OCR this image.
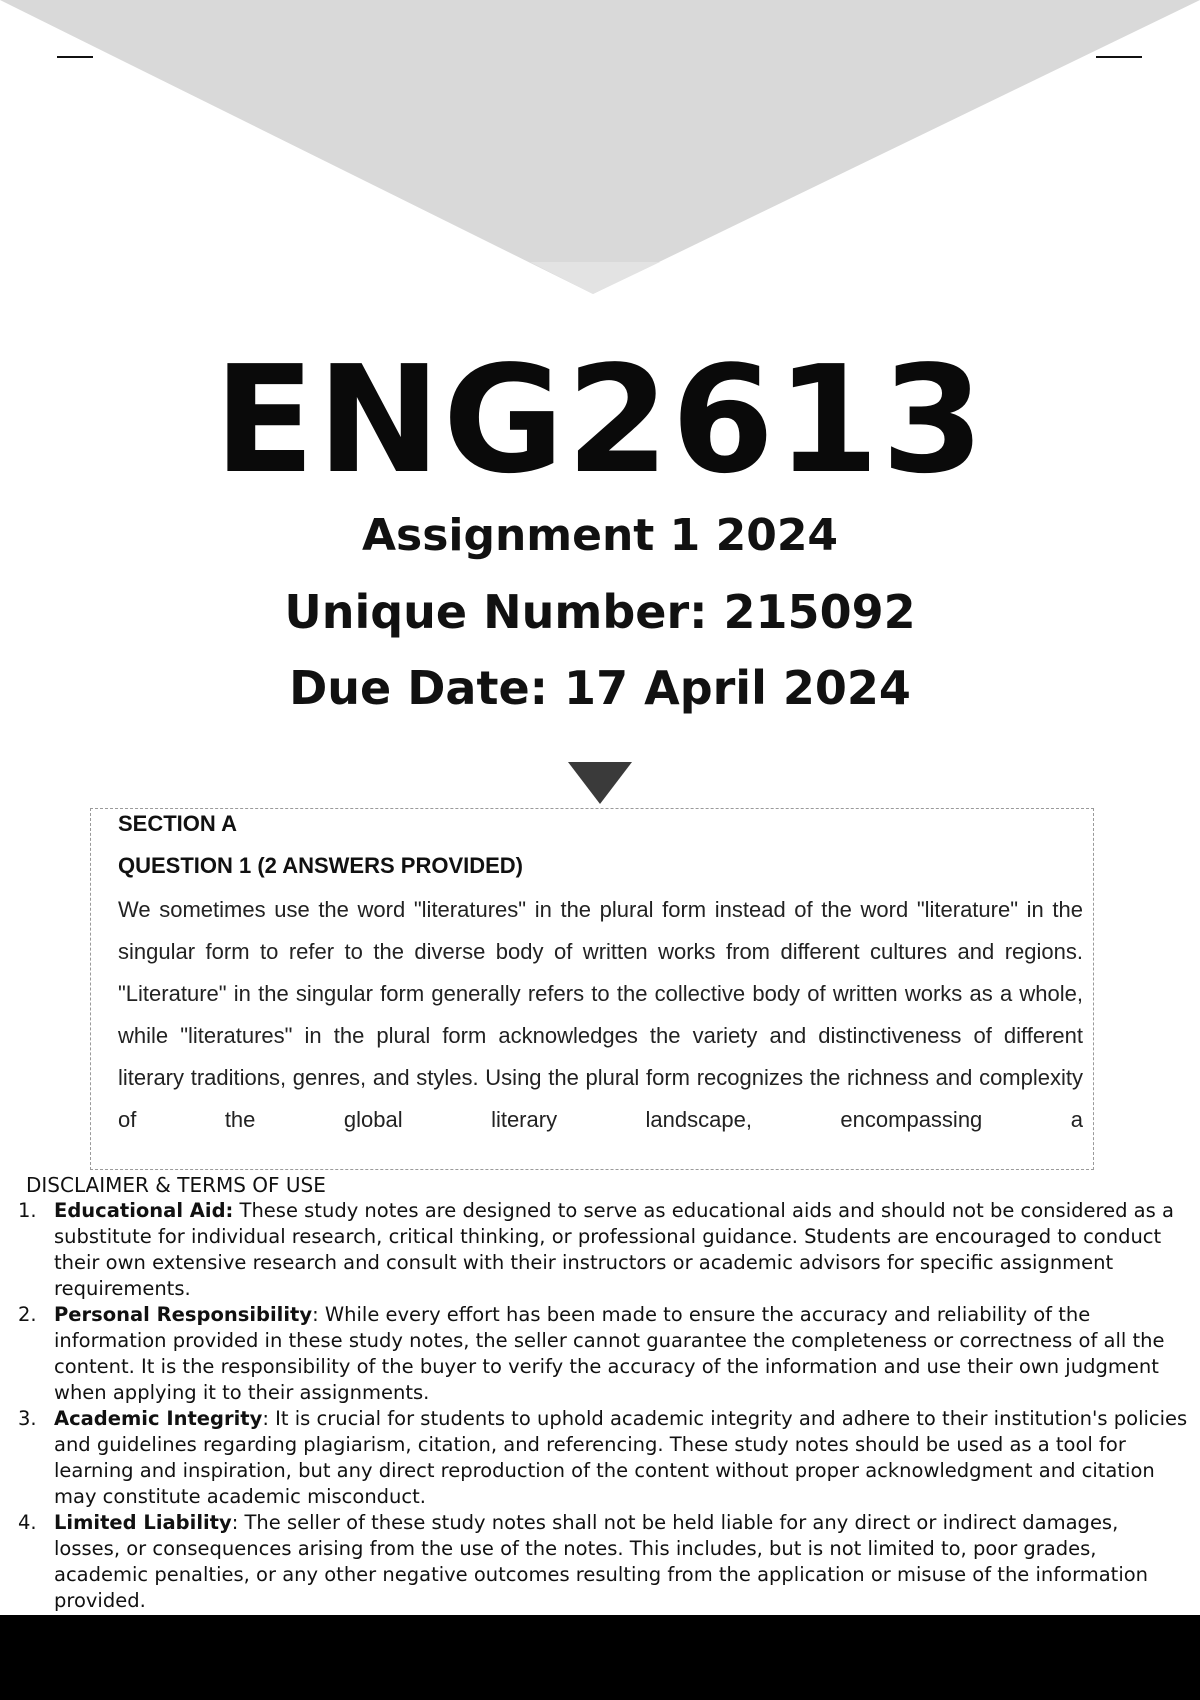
ENG2613
Assignment 1 2024
Unique Number: 215092
Due Date: 17 April 2024
SECTION A
QUESTION 1 (2 ANSWERS PROVIDED)
We sometimes use the word "literatures" in the plural form instead of the word "literature" in the singular form to refer to the diverse body of written works from different cultures and regions. "Literature" in the singular form generally refers to the collective body of written works as a whole, while "literatures" in the plural form acknowledges the variety and distinctiveness of different literary traditions, genres, and styles. Using the plural form recognizes the richness and complexity of the global literary landscape, encompassing a
DISCLAIMER & TERMS OF USE
1. Educational Aid: These study notes are designed to serve as educational aids and should not be considered as a substitute for individual research, critical thinking, or professional guidance. Students are encouraged to conduct their own extensive research and consult with their instructors or academic advisors for specific assignment requirements.
2. Personal Responsibility: While every effort has been made to ensure the accuracy and reliability of the information provided in these study notes, the seller cannot guarantee the completeness or correctness of all the content. It is the responsibility of the buyer to verify the accuracy of the information and use their own judgment when applying it to their assignments.
3. Academic Integrity: It is crucial for students to uphold academic integrity and adhere to their institution's policies and guidelines regarding plagiarism, citation, and referencing. These study notes should be used as a tool for learning and inspiration, but any direct reproduction of the content without proper acknowledgment and citation may constitute academic misconduct.
4. Limited Liability: The seller of these study notes shall not be held liable for any direct or indirect damages, losses, or consequences arising from the use of the notes. This includes, but is not limited to, poor grades, academic penalties, or any other negative outcomes resulting from the application or misuse of the information provided.
